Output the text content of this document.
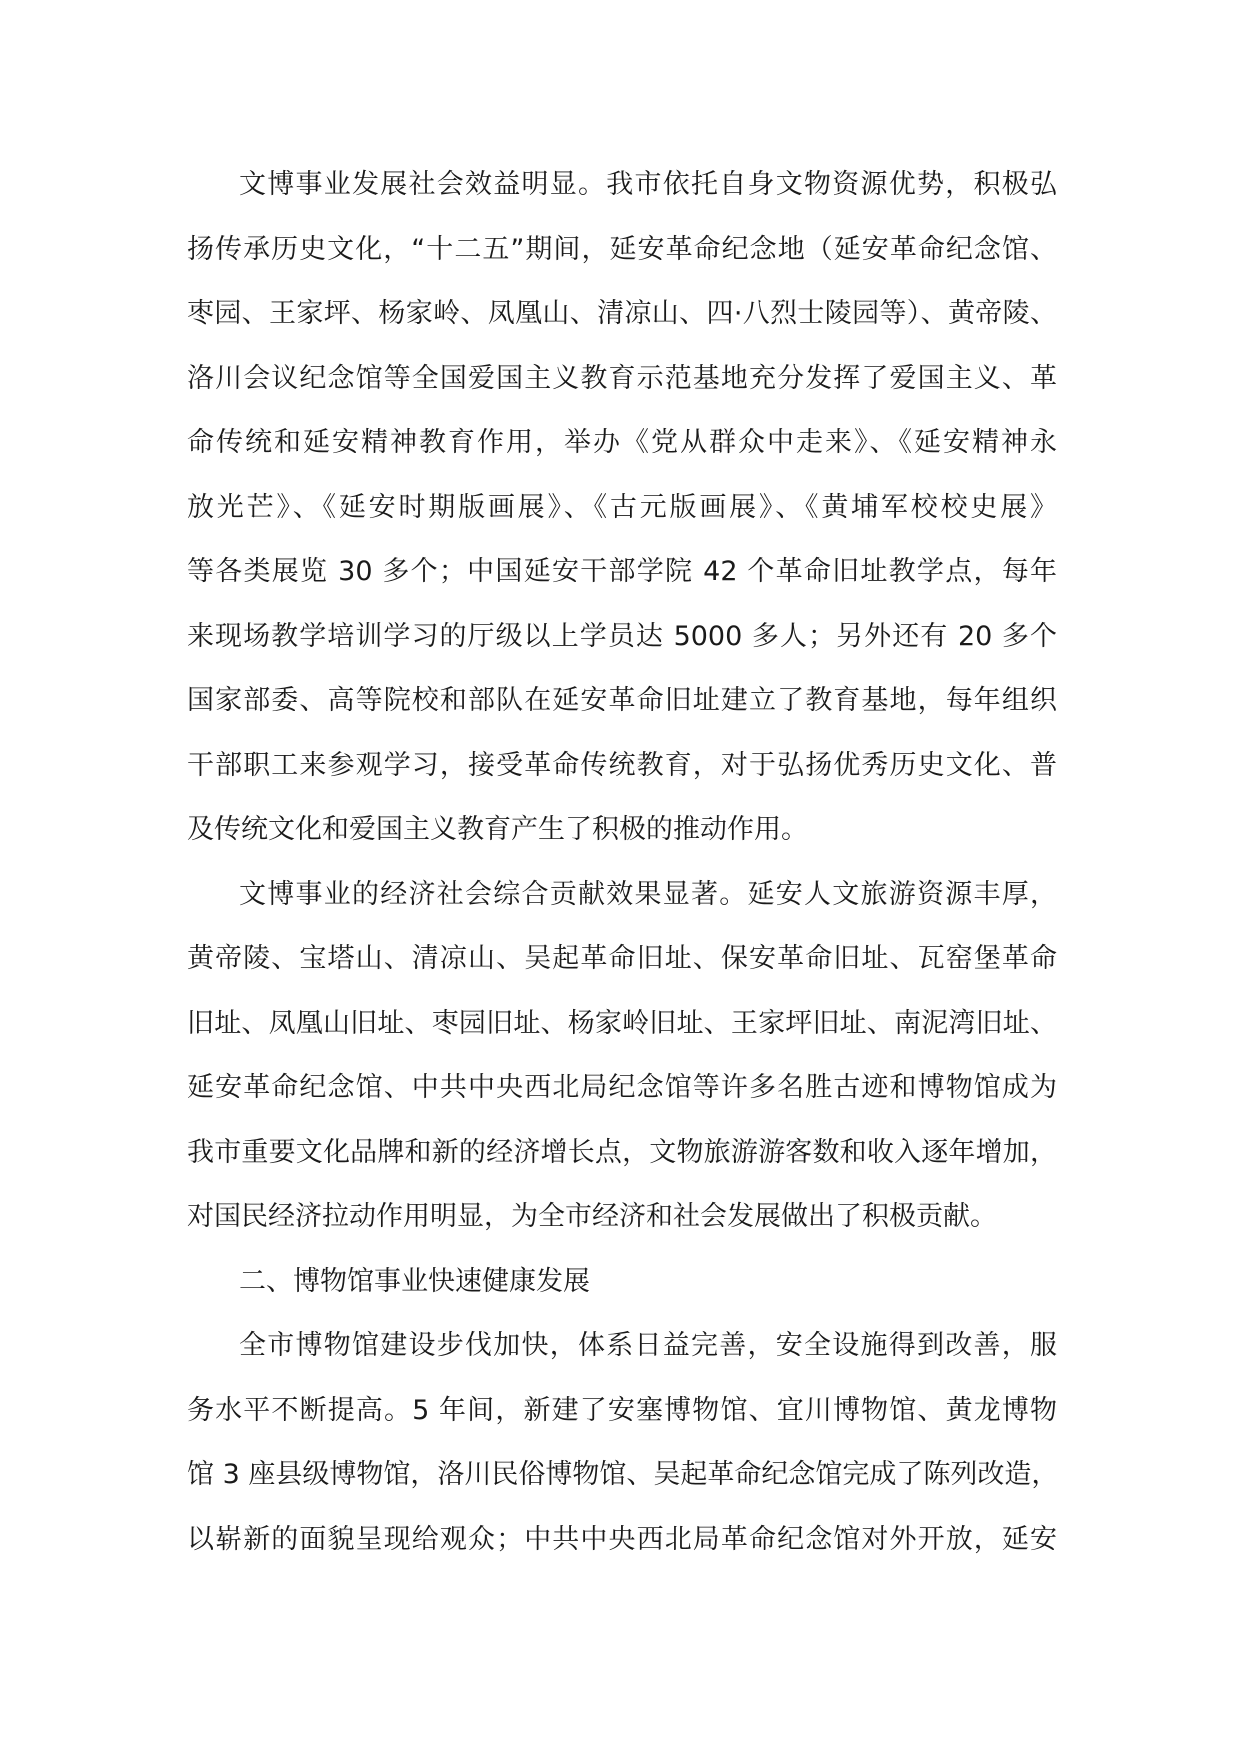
文博事业发展社会效益明显。我市依托自身文物资源优势，积极弘
扬传承历史文化，“十二五”期间，延安革命纪念地（延安革命纪念馆、
枣园、王家坪、杨家岭、凤凰山、清凉山、四·八烈士陵园等）、黄帝陵、
洛川会议纪念馆等全国爱国主义教育示范基地充分发挥了爱国主义、革
命传统和延安精神教育作用，举办《党从群众中走来》、《延安精神永
放光芒》、《延安时期版画展》、《古元版画展》、《黄埔军校校史展》
等各类展览 30 多个；中国延安干部学院 42 个革命旧址教学点，每年
来现场教学培训学习的厅级以上学员达 5000 多人；另外还有 20 多个
国家部委、高等院校和部队在延安革命旧址建立了教育基地，每年组织
干部职工来参观学习，接受革命传统教育，对于弘扬优秀历史文化、普
及传统文化和爱国主义教育产生了积极的推动作用。
文博事业的经济社会综合贡献效果显著。延安人文旅游资源丰厚，
黄帝陵、宝塔山、清凉山、吴起革命旧址、保安革命旧址、瓦窑堡革命
旧址、凤凰山旧址、枣园旧址、杨家岭旧址、王家坪旧址、南泥湾旧址、
延安革命纪念馆、中共中央西北局纪念馆等许多名胜古迹和博物馆成为
我市重要文化品牌和新的经济增长点，文物旅游游客数和收入逐年增加，
对国民经济拉动作用明显，为全市经济和社会发展做出了积极贡献。
二、博物馆事业快速健康发展
全市博物馆建设步伐加快，体系日益完善，安全设施得到改善，服
务水平不断提高。5 年间，新建了安塞博物馆、宜川博物馆、黄龙博物
馆 3 座县级博物馆，洛川民俗博物馆、吴起革命纪念馆完成了陈列改造，
以崭新的面貌呈现给观众；中共中央西北局革命纪念馆对外开放，延安
